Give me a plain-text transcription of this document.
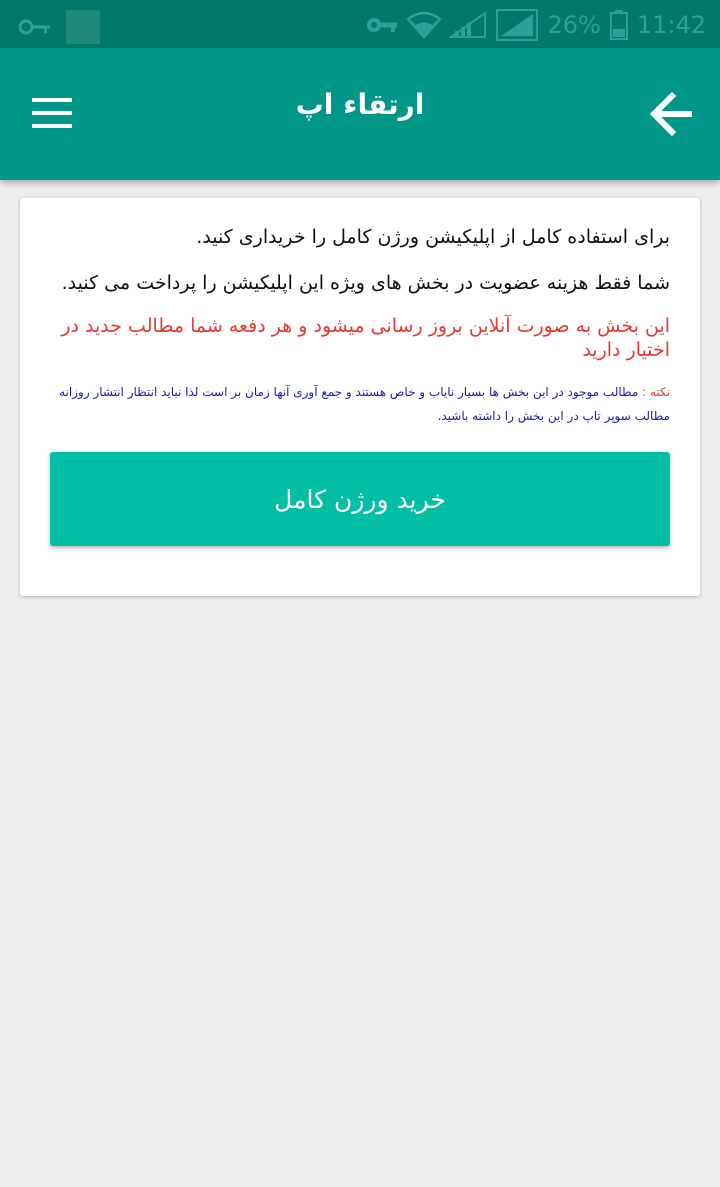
26% 11:42
ارتقاء اپ

برای استفاده کامل از اپلیکیشن ورژن کامل را خریداری کنید.

شما فقط هزینه عضویت در بخش های ویژه این اپلیکیشن را پرداخت می کنید.

این بخش به صورت آنلاین بروز رسانی میشود و هر دفعه شما مطالب جدید در اختیار دارید

نکته : مطالب موجود در این بخش ها بسیار نایاب و خاص هستند و جمع آوری آنها زمان بر است لذا نباید انتظار انتشار روزانه مطالب سوپر تاپ در این بخش را داشته باشید.

خرید ورژن کامل
